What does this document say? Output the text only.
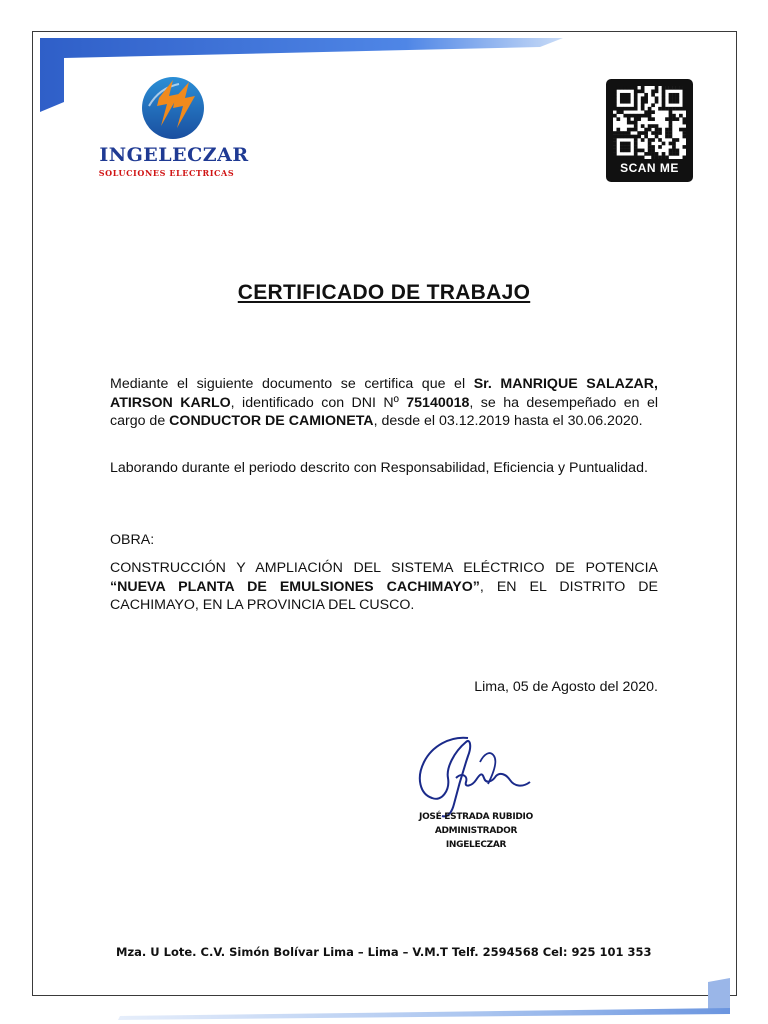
INGELECZAR
SOLUCIONES ELECTRICAS	SCAN ME
CERTIFICADO DE TRABAJO
Mediante el siguiente documento se certifica que el Sr. MANRIQUE SALAZAR, ATIRSON KARLO, identificado con DNI Nº 75140018, se ha desempeñado en el cargo de CONDUCTOR DE CAMIONETA, desde el 03.12.2019 hasta el 30.06.2020.
Laborando durante el periodo descrito con Responsabilidad, Eficiencia y Puntualidad.
OBRA:
CONSTRUCCIÓN Y AMPLIACIÓN DEL SISTEMA ELÉCTRICO DE POTENCIA “NUEVA PLANTA DE EMULSIONES CACHIMAYO”, EN EL DISTRITO DE CACHIMAYO, EN LA PROVINCIA DEL CUSCO.
Lima, 05 de Agosto del 2020.
JOSÉ ESTRADA RUBIDIO
ADMINISTRADOR
INGELECZAR
Mza. U Lote. C.V. Simón Bolívar Lima – Lima – V.M.T Telf. 2594568 Cel: 925 101 353
